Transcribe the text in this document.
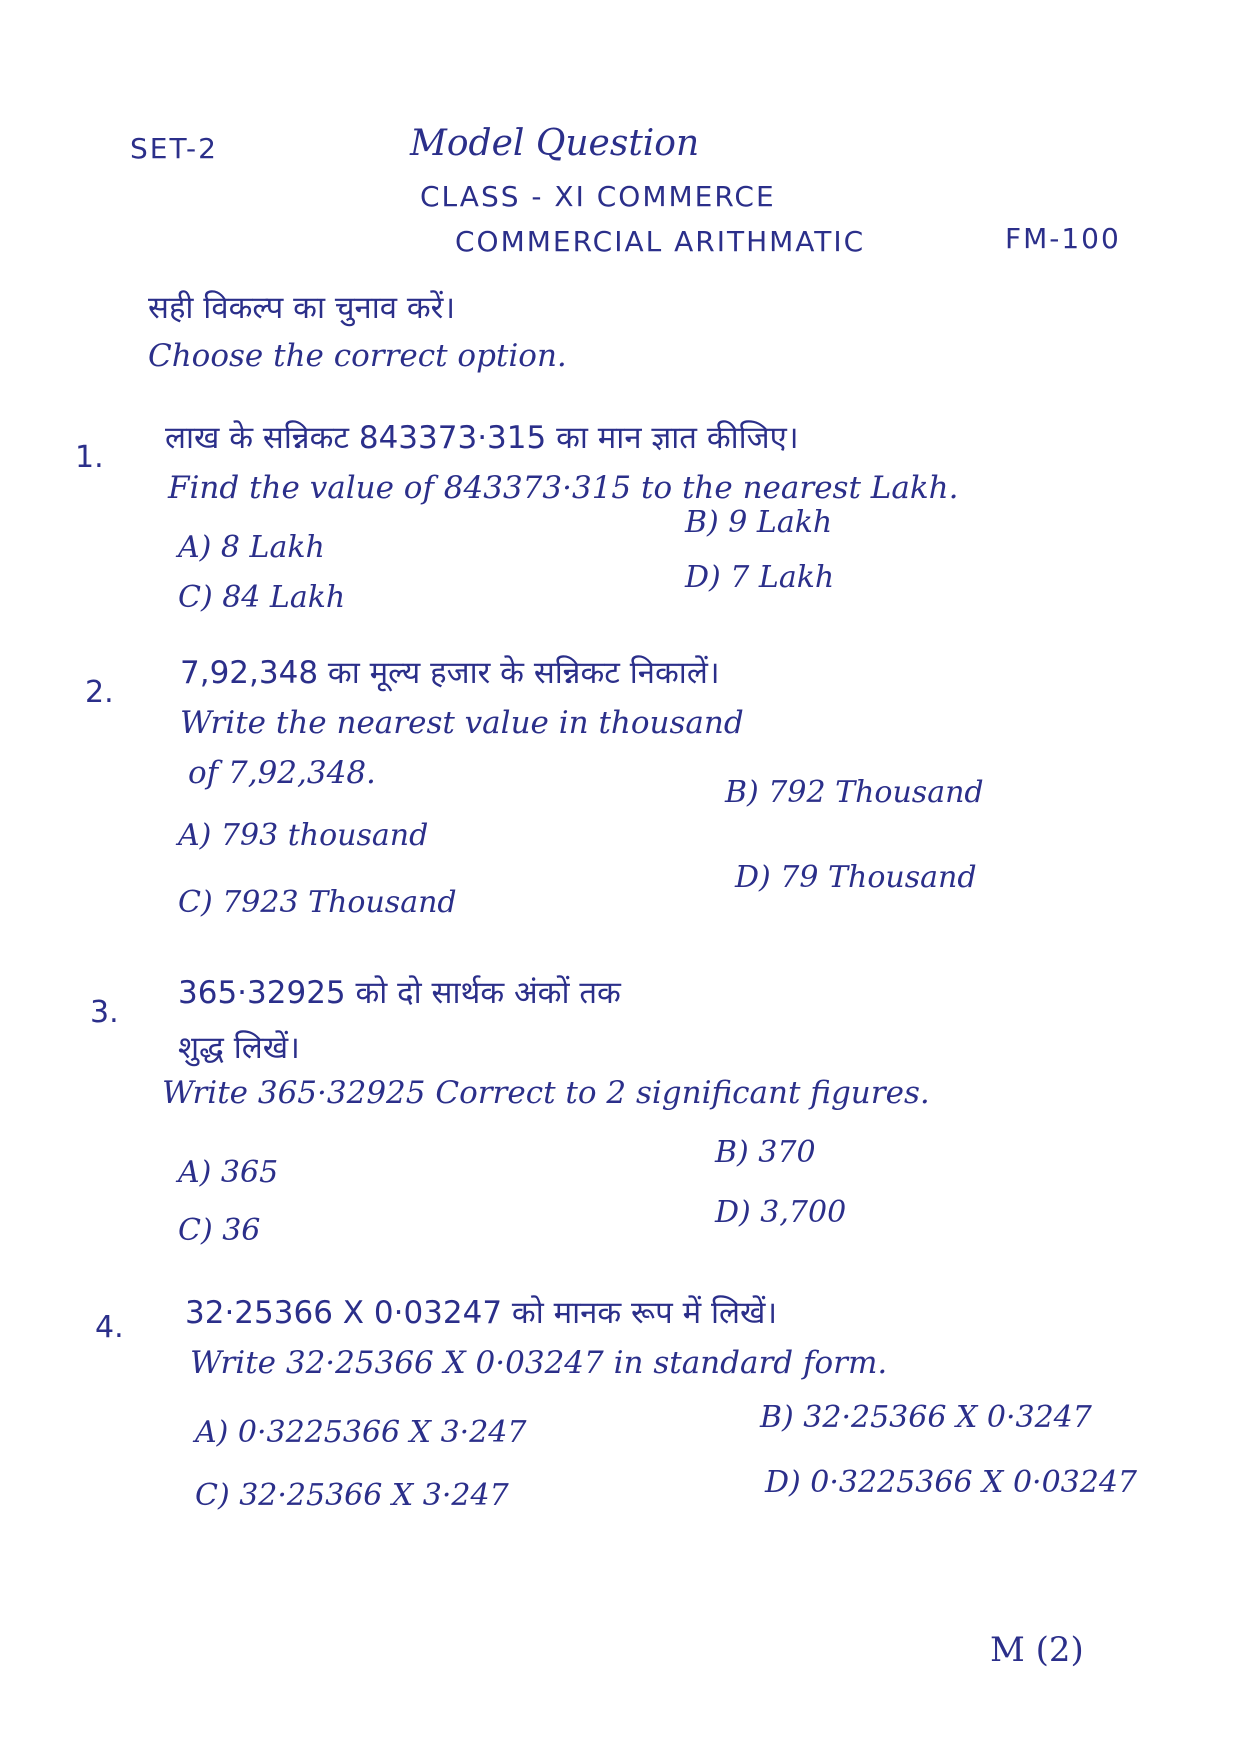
SET-2	Model Question
CLASS - XI COMMERCE
COMMERCIAL ARITHMATIC	FM-100
सही विकल्प का चुनाव करें।
Choose the correct option.
1.
लाख के सन्निकट 843373·315 का मान ज्ञात कीजिए।
Find the value of 843373·315 to the nearest Lakh.
A) 8 Lakh
B) 9 Lakh
C) 84 Lakh
D) 7 Lakh
2.
7,92,348 का मूल्य हजार के सन्निकट निकालें।
Write the nearest value in thousand
of 7,92,348.
A) 793 thousand
B) 792 Thousand
C) 7923 Thousand
D) 79 Thousand
3.
365·32925 को दो सार्थक अंकों तक
शुद्ध लिखें।
Write 365·32925 Correct to 2 significant figures.
A) 365
B) 370
C) 36
D) 3,700
4. 32·25366 X 0·03247 को मानक रूप में लिखें।
Write 32·25366 X 0·03247 in standard form.
A) 0·3225366 X 3·247	B) 32·25366 X 0·3247
C) 32·25366 X 3·247	D) 0·3225366 X 0·03247
M (2)
